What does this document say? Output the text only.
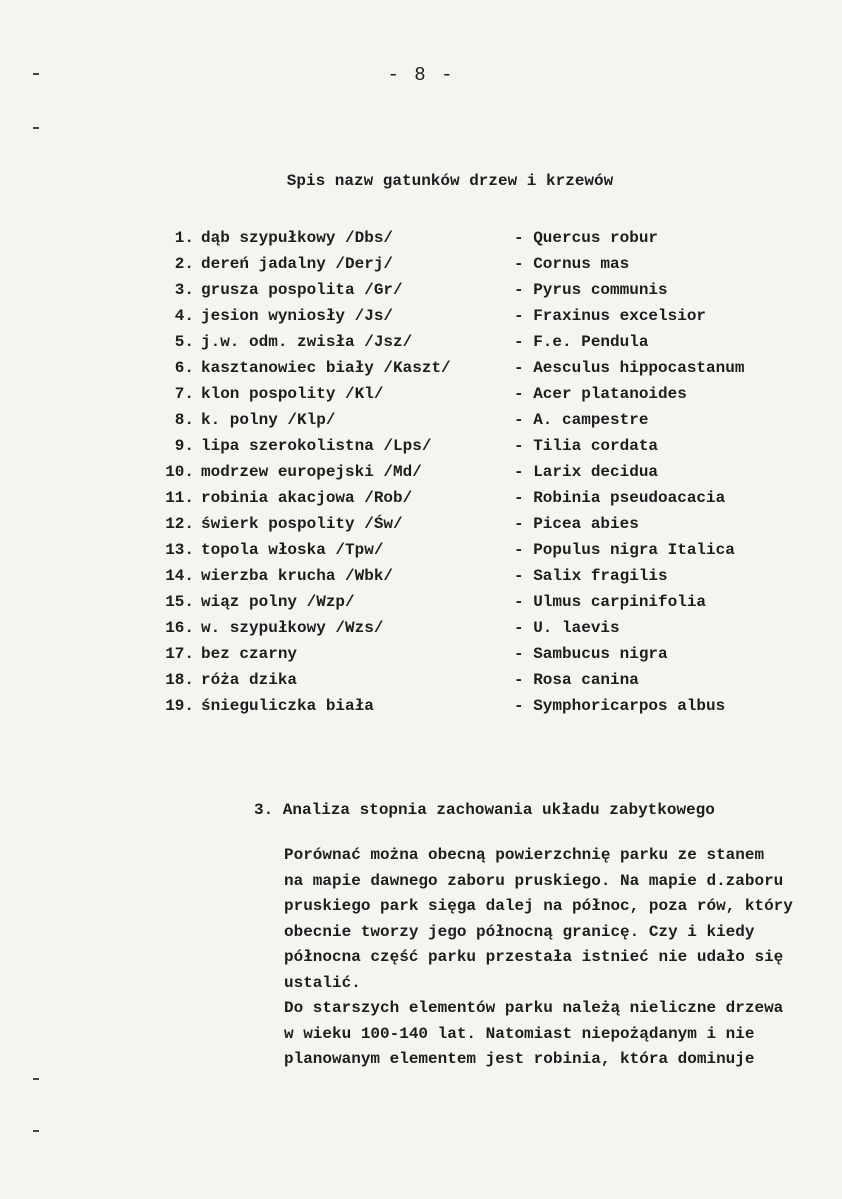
- 8 -
Spis nazw gatunków drzew i krzewów
1. dąb szypułkowy /Dbs/	- Quercus robur
2. dereń jadalny /Derj/	- Cornus mas
3. grusza pospolita /Gr/	- Pyrus communis
4. jesion wyniosły /Js/	- Fraxinus excelsior
5. j.w. odm. zwisła /Jsz/	- F.e. Pendula
6. kasztanowiec biały /Kaszt/	- Aesculus hippocastanum
7. klon pospolity /Kl/	- Acer platanoides
8. k. polny /Klp/	- A. campestre
9. lipa szerokolistna /Lps/	- Tilia cordata
10. modrzew europejski /Md/	- Larix decidua
11. robinia akacjowa /Rob/	- Robinia pseudoacacia
12. świerk pospolity /Św/	- Picea abies
13. topola włoska /Tpw/	- Populus nigra Italica
14. wierzba krucha /Wbk/	- Salix fragilis
15. wiąz polny /Wzp/	- Ulmus carpinifolia
16. w. szypułkowy /Wzs/	- U. laevis
17. bez czarny	- Sambucus nigra
18. róża dzika	- Rosa canina
19. śnieguliczka biała	- Symphoricarpos albus
3. Analiza stopnia zachowania układu zabytkowego
Porównać można obecną powierzchnię parku ze stanem
na mapie dawnego zaboru pruskiego. Na mapie d.zaboru
pruskiego park sięga dalej na północ, poza rów, który
obecnie tworzy jego północną granicę. Czy i kiedy
północna część parku przestała istnieć nie udało się
ustalić.
Do starszych elementów parku należą nieliczne drzewa
w wieku 100-140 lat. Natomiast niepożądanym i nie
planowanym elementem jest robinia, która dominuje
